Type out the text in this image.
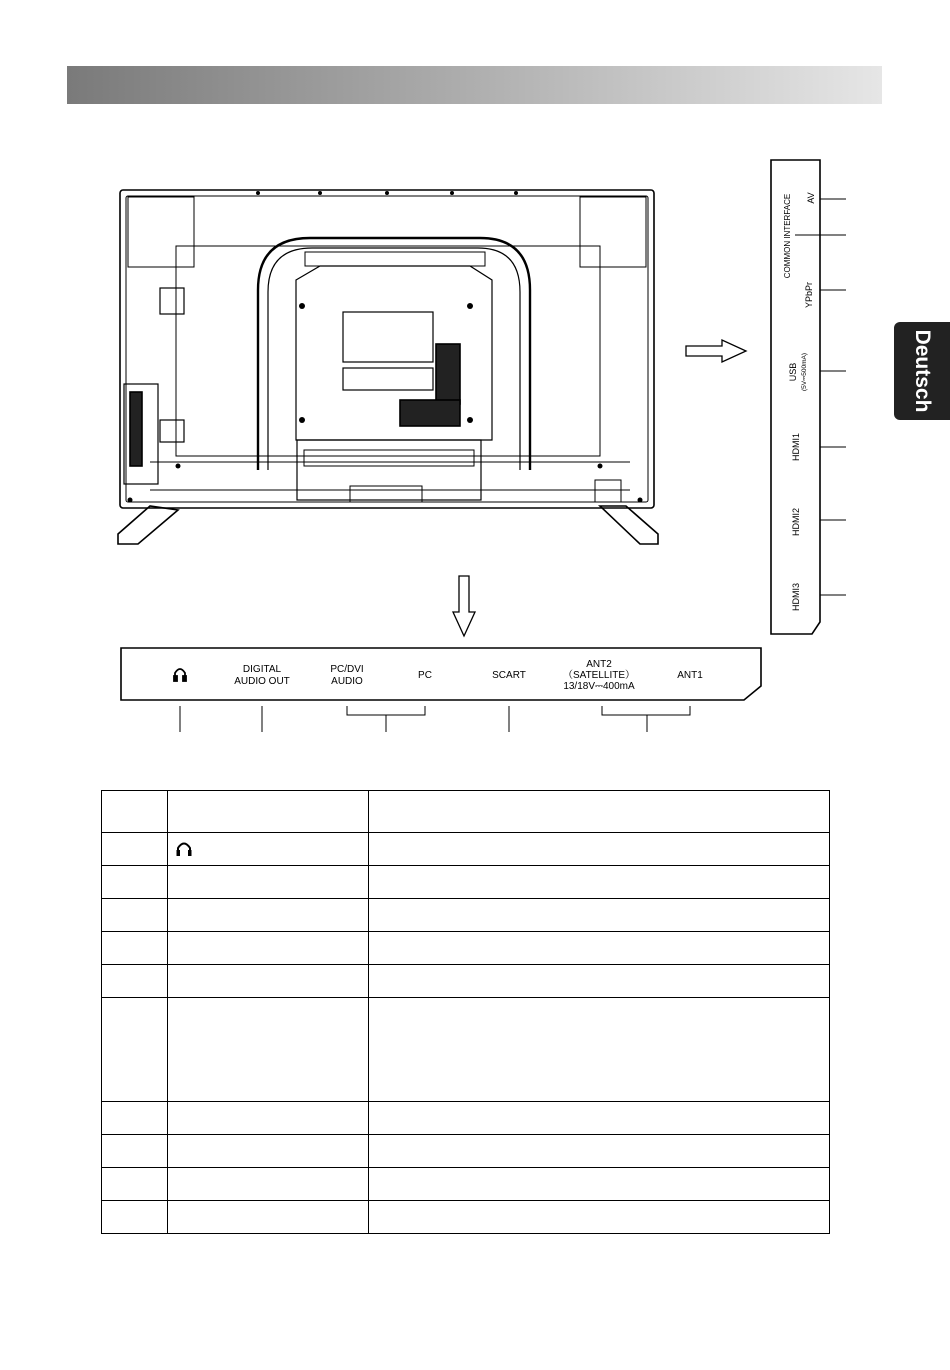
Deutsch
AV
COMMON INTERFACE
YPbPr
USB (5V⎓500mA)
HDMI1
HDMI2
HDMI3
DIGITAL
AUDIO OUT
PC/DVI
AUDIO
PC	SCART
ANT2
（SATELLITE）
13/18V⎓400mA
ANT1
